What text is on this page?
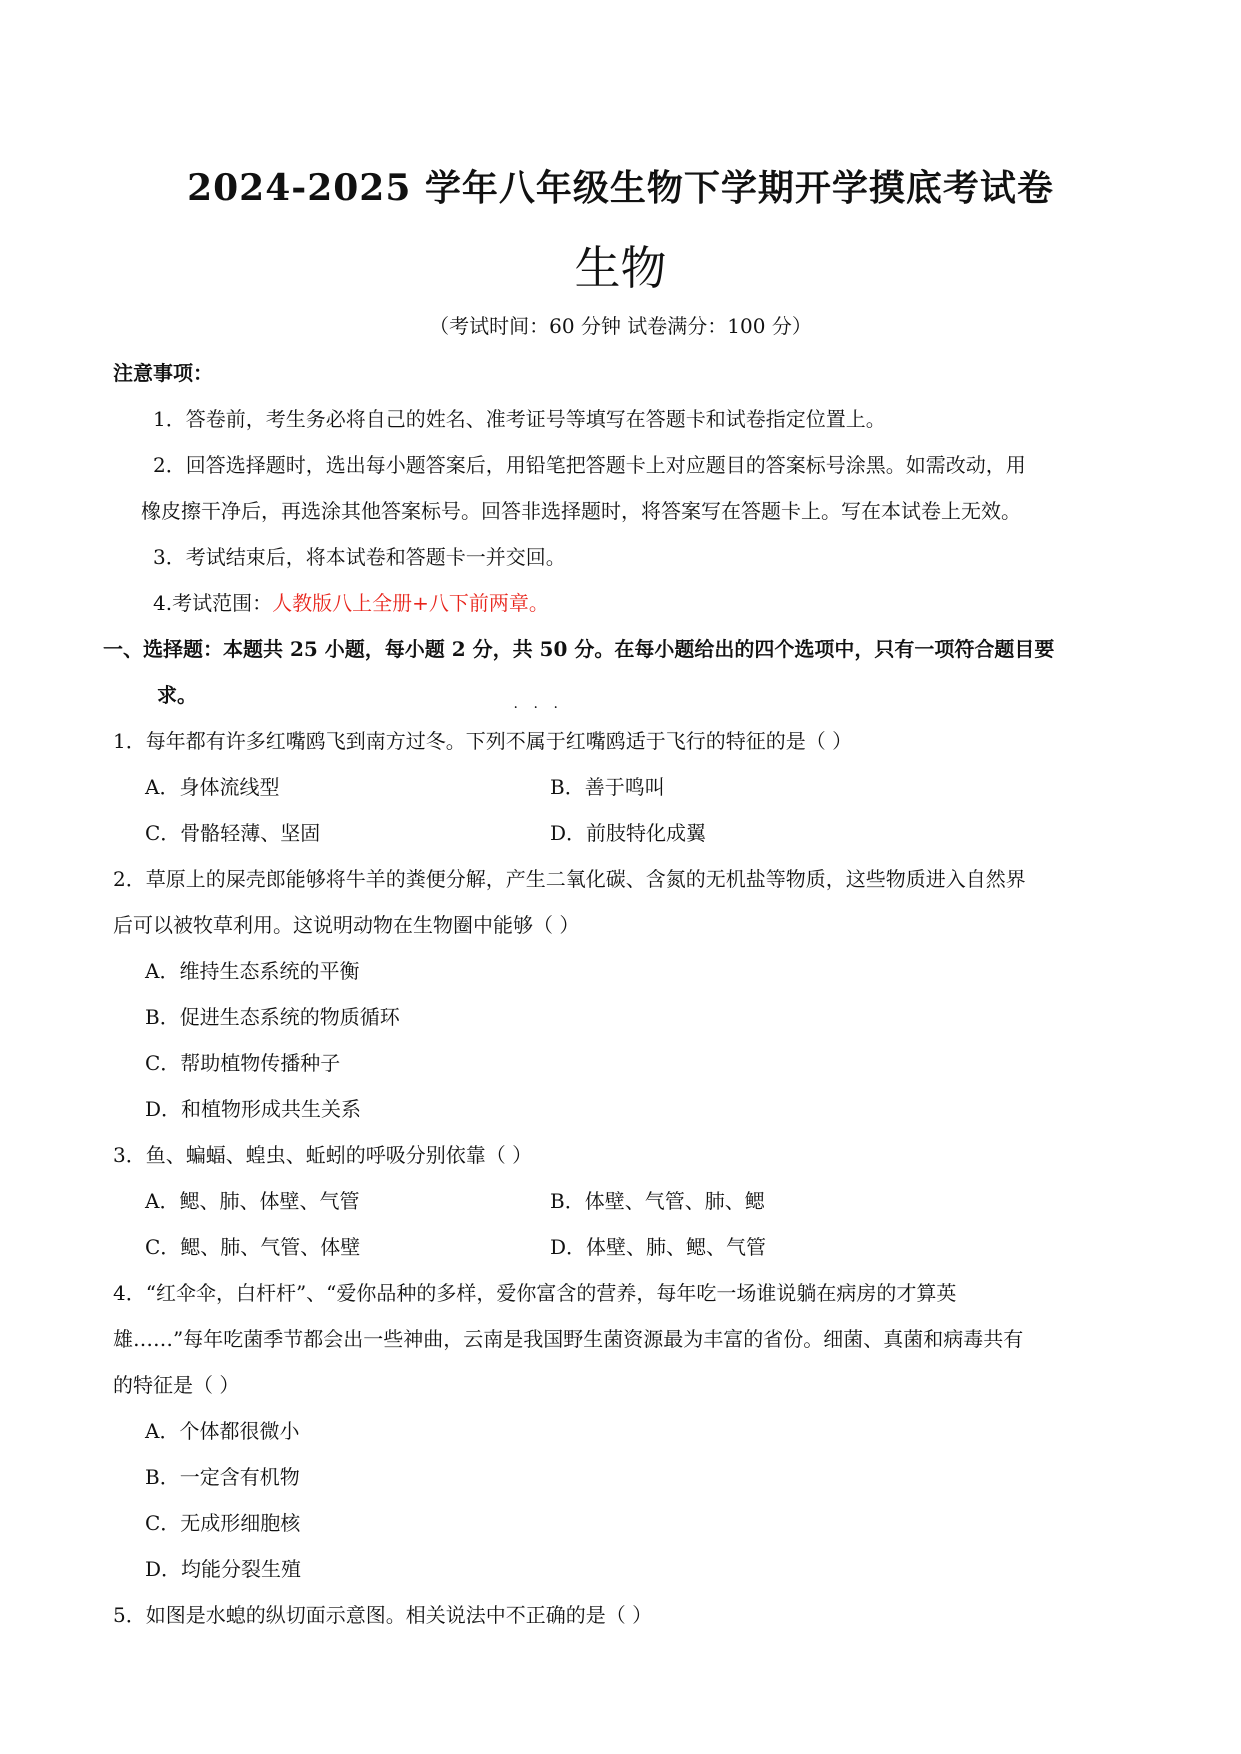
2024-2025 学年八年级生物下学期开学摸底考试卷
生物
（考试时间：60 分钟 试卷满分：100 分）
注意事项：
1．答卷前，考生务必将自己的姓名、准考证号等填写在答题卡和试卷指定位置上。
2．回答选择题时，选出每小题答案后，用铅笔把答题卡上对应题目的答案标号涂黑。如需改动，用
橡皮擦干净后，再选涂其他答案标号。回答非选择题时，将答案写在答题卡上。写在本试卷上无效。
3．考试结束后，将本试卷和答题卡一并交回。
4.考试范围：人教版八上全册+八下前两章。
一、选择题：本题共 25 小题，每小题 2 分，共 50 分。在每小题给出的四个选项中，只有一项符合题目要
求。
1．每年都有许多红嘴鸥飞到南方过冬。下列
· · ·
不属于红嘴鸥适于飞行的特征的是（ ）
A．身体流线型	B．善于鸣叫
C．骨骼轻薄、坚固	D．前肢特化成翼
2．草原上的屎壳郎能够将牛羊的粪便分解，产生二氧化碳、含氮的无机盐等物质，这些物质进入自然界
后可以被牧草利用。这说明动物在生物圈中能够（ ）
A．维持生态系统的平衡
B．促进生态系统的物质循环
C．帮助植物传播种子
D．和植物形成共生关系
3．鱼、蝙蝠、蝗虫、蚯蚓的呼吸分别依靠（ ）
A．鳃、肺、体壁、气管	B．体壁、气管、肺、鳃
C．鳃、肺、气管、体壁	D．体壁、肺、鳃、气管
4．“红伞伞，白杆杆”、“爱你品种的多样，爱你富含的营养，每年吃一场谁说躺在病房的才算英
雄……”每年吃菌季节都会出一些神曲，云南是我国野生菌资源最为丰富的省份。细菌、真菌和病毒共有
的特征是（ ）
A．个体都很微小
B．一定含有机物
C．无成形细胞核
D．均能分裂生殖
5．如图是水螅的纵切面示意图。相关说法中不正确的是（ ）
